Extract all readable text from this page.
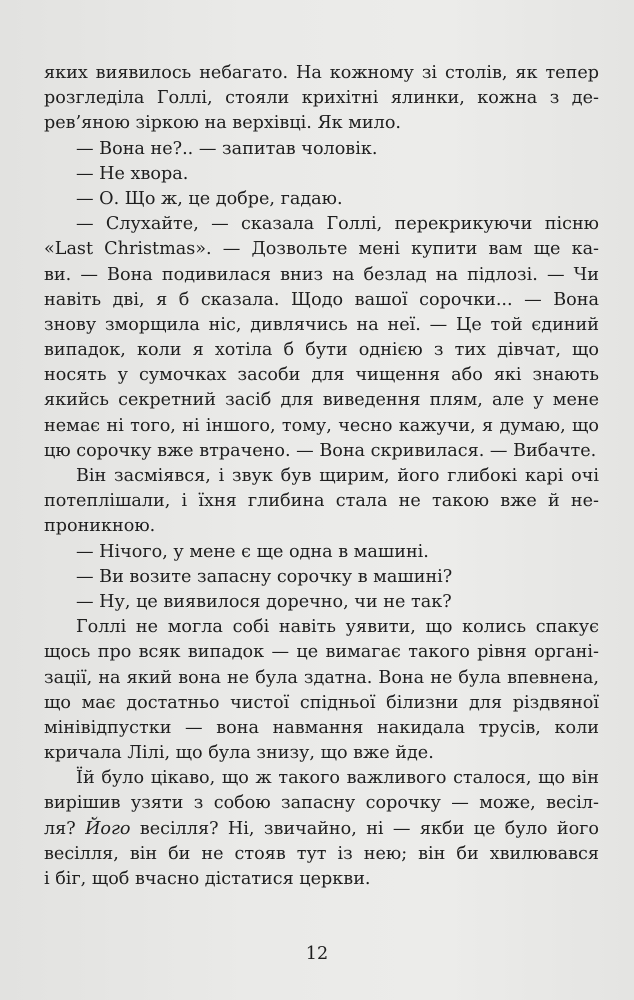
яких виявилось небагато. На кожному зі столів, як тепер
розгледіла Голлі, стояли крихітні ялинки, кожна з де-
рев’яною зіркою на верхівці. Як мило.
— Вона не?.. — запитав чоловік.
— Не хвора.
— О. Що ж, це добре, гадаю.
— Слухайте, — сказала Голлі, перекрикуючи пісню
«Last Christmas». — Дозвольте мені купити вам ще ка-
ви. — Вона подивилася вниз на безлад на підлозі. — Чи
навіть дві, я б сказала. Щодо вашої сорочки... — Вона
знову зморщила ніс, дивлячись на неї. — Це той єдиний
випадок, коли я хотіла б бути однією з тих дівчат, що
носять у сумочках засоби для чищення або які знають
якийсь секретний засіб для виведення плям, але у мене
немає ні того, ні іншого, тому, чесно кажучи, я думаю, що
цю сорочку вже втрачено. — Вона скривилася. — Вибачте.
Він засміявся, і звук був щирим, його глибокі карі очі
потеплішали, і їхня глибина стала не такою вже й не-
проникною.
— Нічого, у мене є ще одна в машині.
— Ви возите запасну сорочку в машині?
— Ну, це виявилося доречно, чи не так?
Голлі не могла собі навіть уявити, що колись спакує
щось про всяк випадок — це вимагає такого рівня органі-
зації, на який вона не була здатна. Вона не була впевнена,
що має достатньо чистої спідньої білизни для різдвяної
мінівідпустки — вона навмання накидала трусів, коли
кричала Лілі, що була знизу, що вже йде.
Їй було цікаво, що ж такого важливого сталося, що він
вирішив узяти з собою запасну сорочку — може, весіл-
ля? Його весілля? Ні, звичайно, ні — якби це було його
весілля, він би не стояв тут із нею; він би хвилювався
і біг, щоб вчасно дістатися церкви.
12
